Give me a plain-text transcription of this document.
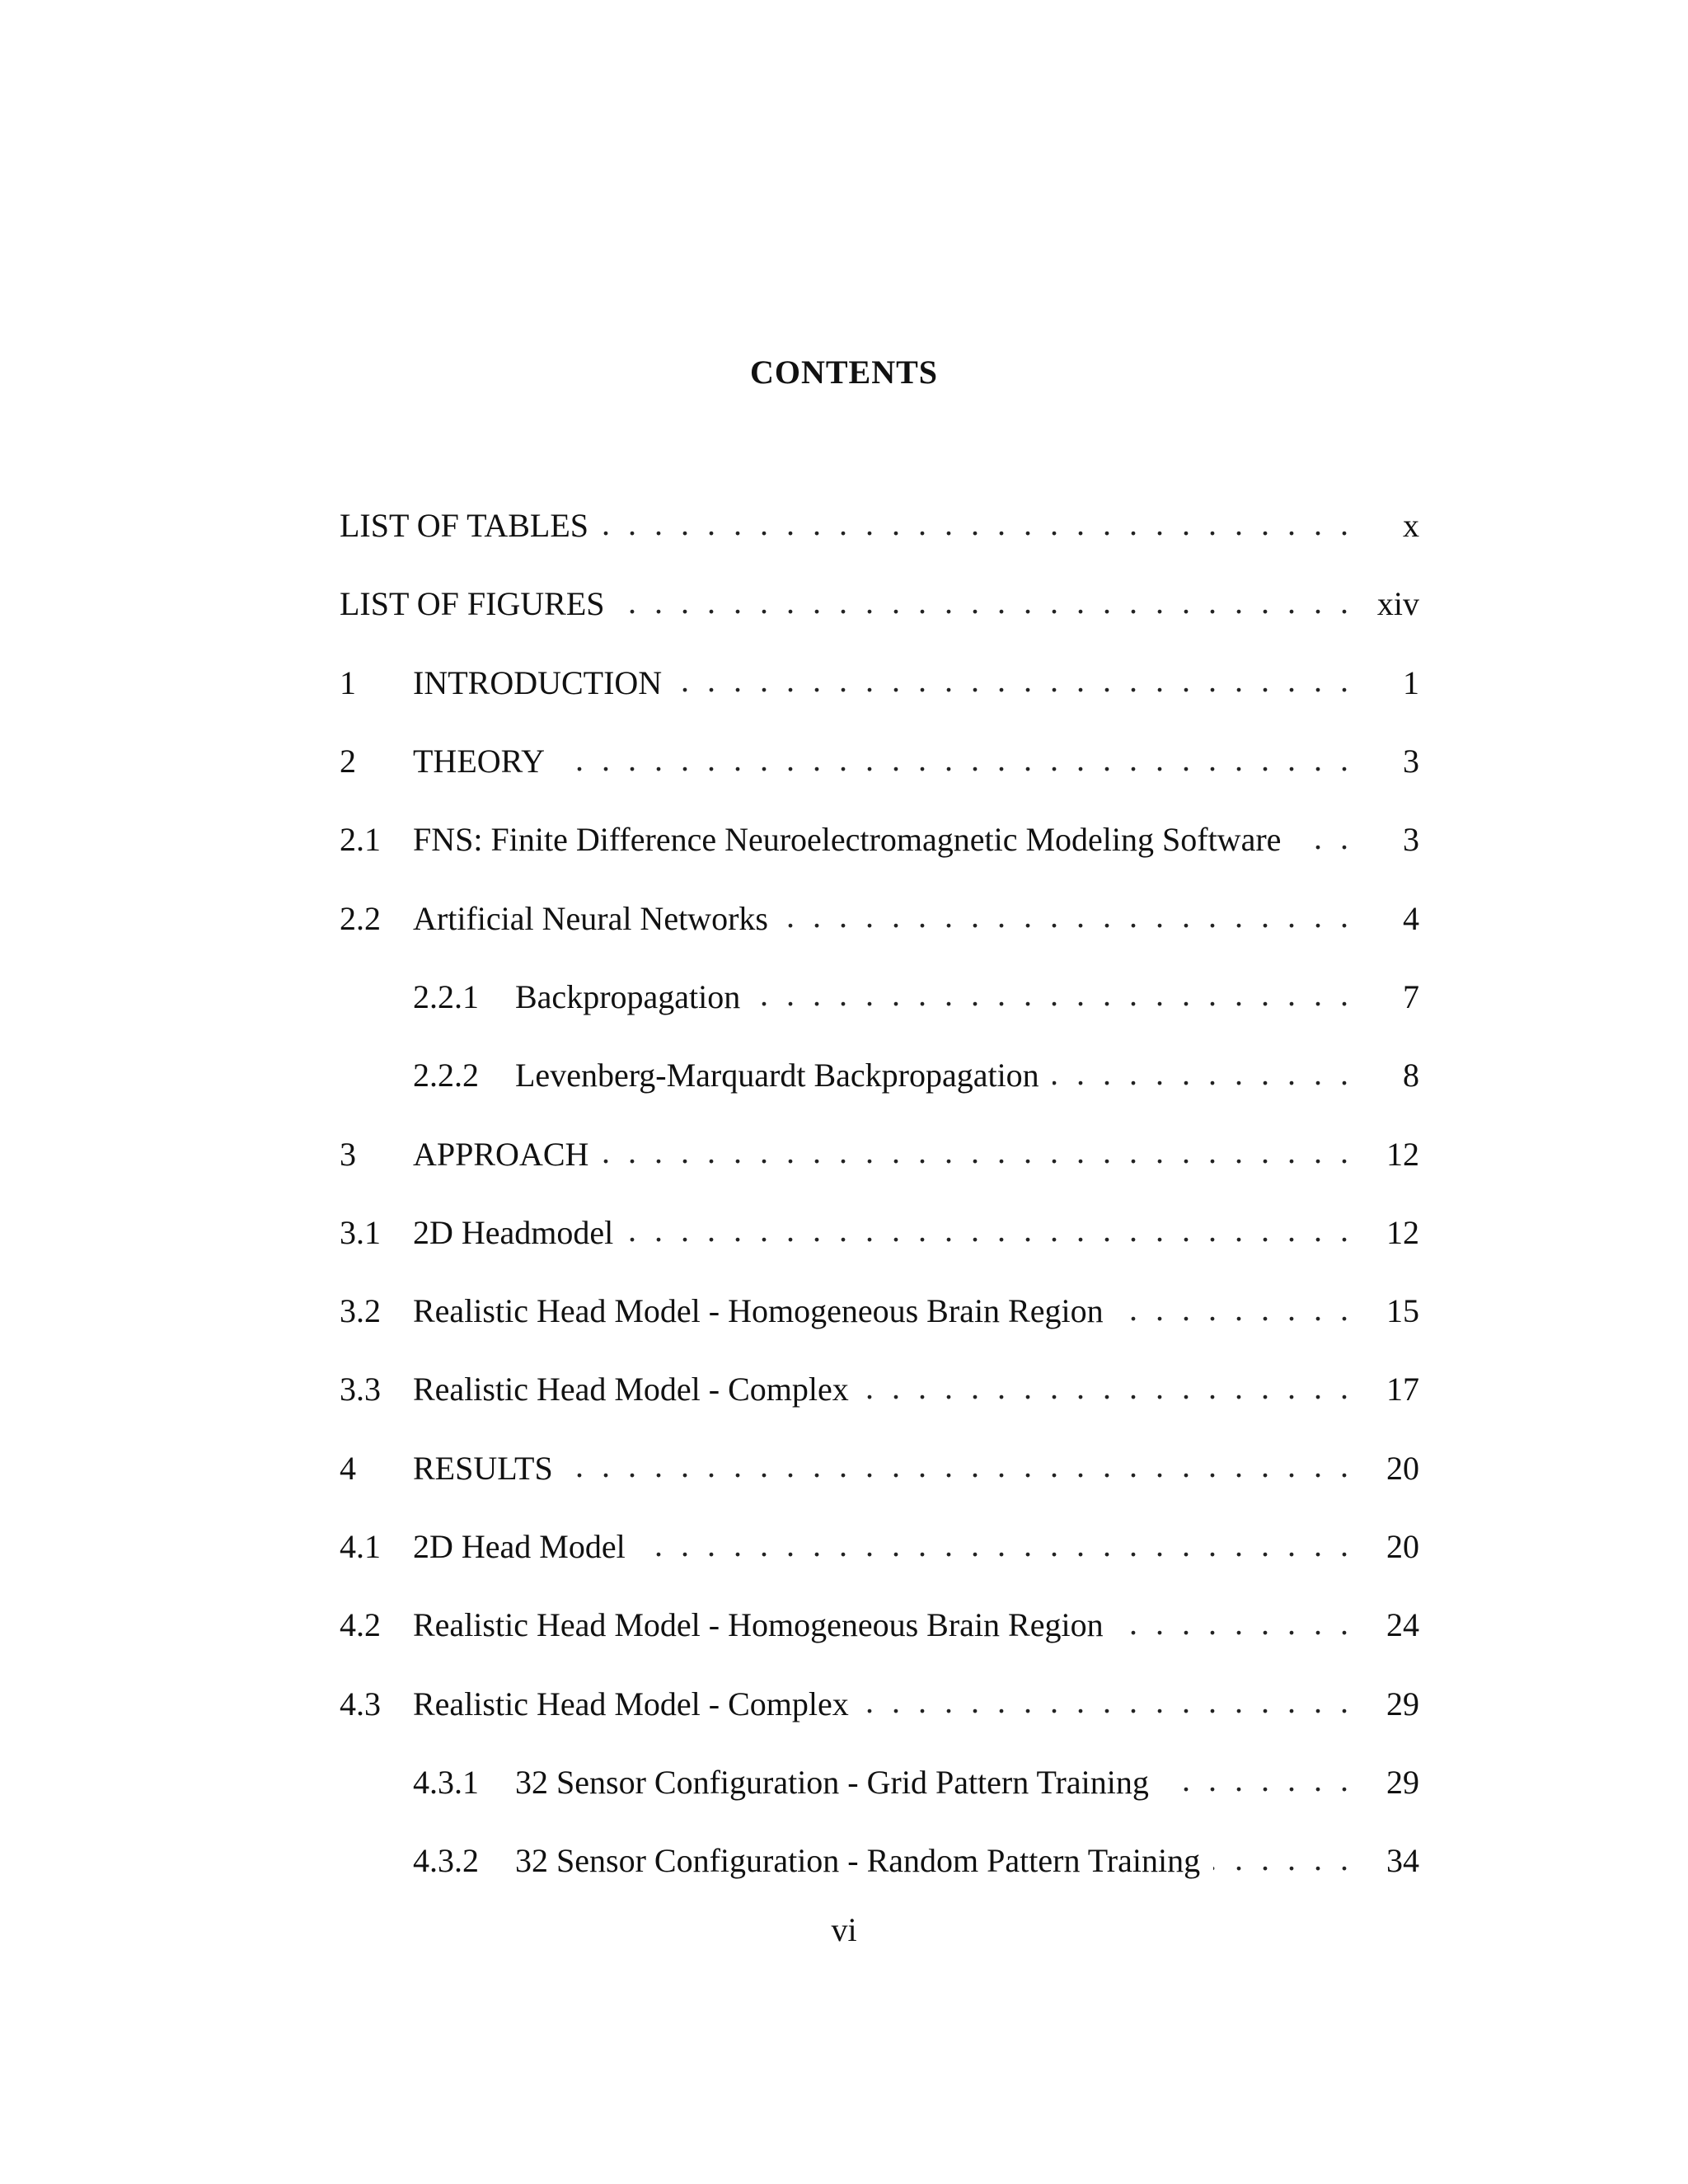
CONTENTS
LIST OF TABLES . . .	x
LIST OF FIGURES . . .	xiv
1	INTRODUCTION . . .	1
2	THEORY . . .	3
2.1 FNS: Finite Difference Neuroelectromagnetic Modeling Software . . .	3
2.2 Artificial Neural Networks . . .	4
2.2.1	Backpropagation . . .	7
2.2.2	Levenberg-Marquardt Backpropagation . . .	8
3	APPROACH . . .	12
3.1 2D Headmodel . . .	12
3.2 Realistic Head Model - Homogeneous Brain Region . . .	15
3.3 Realistic Head Model - Complex . . .	17
4	RESULTS . . .	20
4.1 2D Head Model . . .	20
4.2 Realistic Head Model - Homogeneous Brain Region . . .	24
4.3 Realistic Head Model - Complex . . .	29
4.3.1	32 Sensor Configuration - Grid Pattern Training . . .	29
4.3.2	32 Sensor Configuration - Random Pattern Training . . .	34
vi
